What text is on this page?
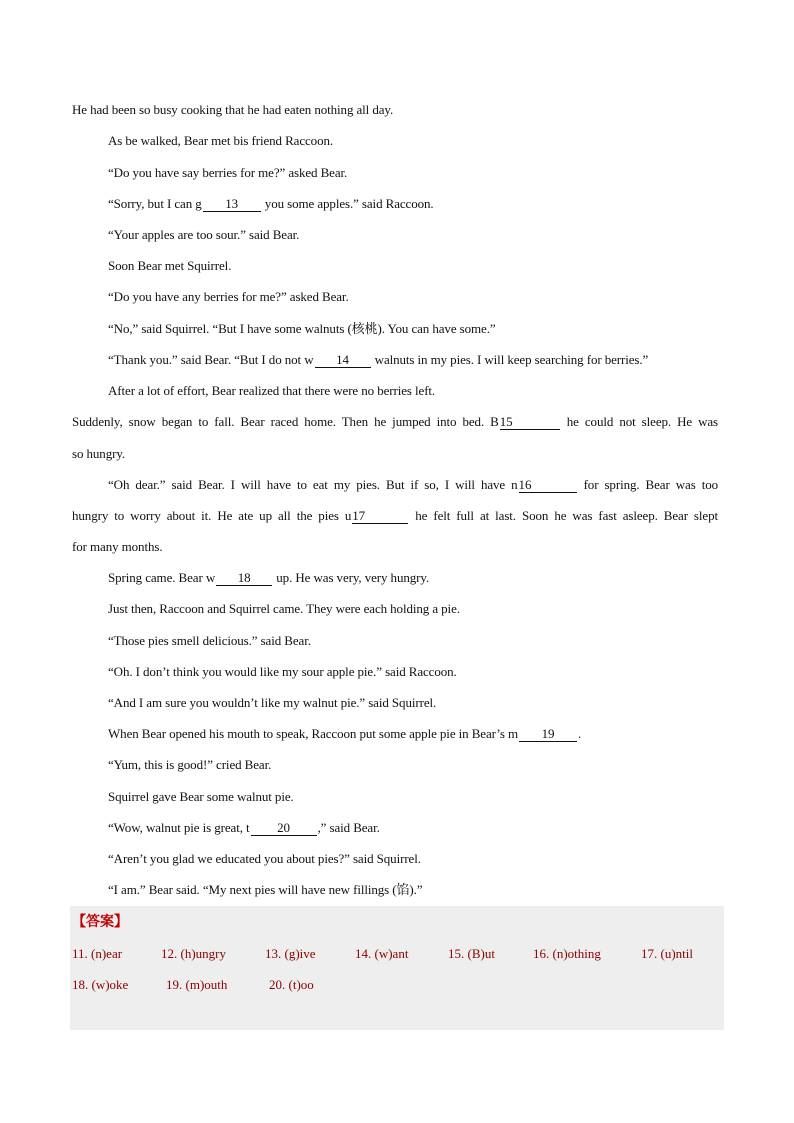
He had been so busy cooking that he had eaten nothing all day.
As be walked, Bear met bis friend Raccoon.
“Do you have say berries for me?” asked Bear.
“Sorry, but I can g 13 you some apples.” said Raccoon.
“Your apples are too sour.” said Bear.
Soon Bear met Squirrel.
“Do you have any berries for me?” asked Bear.
“No,” said Squirrel. “But I have some walnuts (核桃). You can have some.”
“Thank you.” said Bear. “But I do not w 14 walnuts in my pies. I will keep searching for berries.”
After a lot of effort, Bear realized that there were no berries left.
Suddenly, snow began to fall. Bear raced home. Then he jumped into bed. B15	he could not sleep. He was
so hungry.
“Oh dear.” said Bear. I will have to eat my pies. But if so, I will have n16	for spring. Bear was too
hungry to worry about it. He ate up all the pies u17	he felt full at last. Soon he was fast asleep. Bear slept
for many months.
Spring came. Bear w 18 up. He was very, very hungry.
Just then, Raccoon and Squirrel came. They were each holding a pie.
“Those pies smell delicious.” said Bear.
“Oh. I don’t think you would like my sour apple pie.” said Raccoon.
“And I am sure you wouldn’t like my walnut pie.” said Squirrel.
When Bear opened his mouth to speak, Raccoon put some apple pie in Bear’s m 19 .
“Yum, this is good!” cried Bear.
Squirrel gave Bear some walnut pie.
“Wow, walnut pie is great, t 20 ,” said Bear.
“Aren’t you glad we educated you about pies?” said Squirrel.
“I am.” Bear said. “My next pies will have new fillings (馅).”
【答案】
11. (n)ear	12. (h)ungry	13. (g)ive	14. (w)ant	15. (B)ut	16. (n)othing	17. (u)ntil
18. (w)oke	19. (m)outh	20. (t)oo
